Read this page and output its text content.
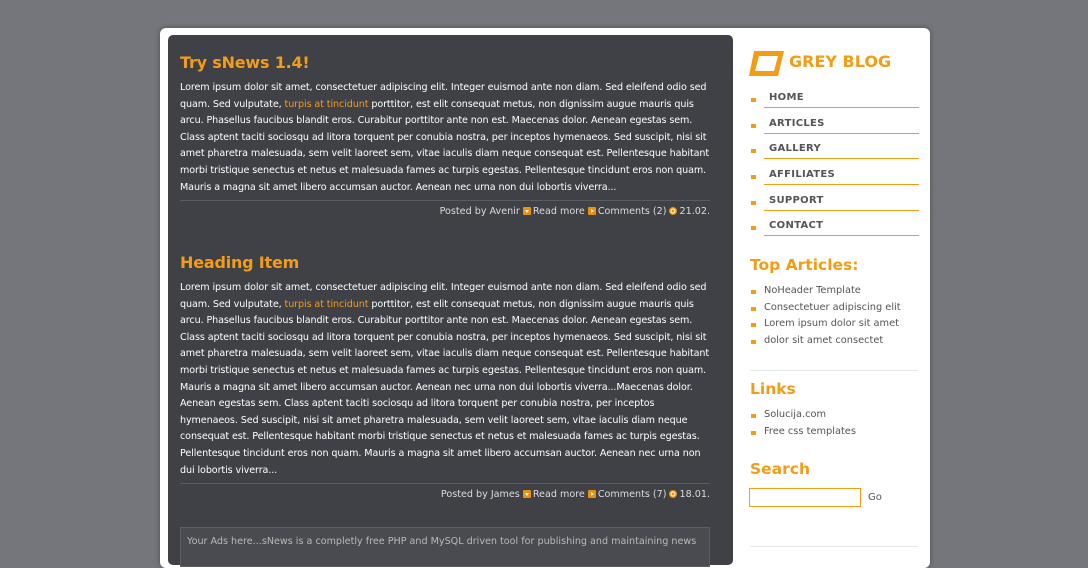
Try sNews 1.4!

Lorem ipsum dolor sit amet, consectetuer adipiscing elit. Integer euismod ante non diam. Sed eleifend odio sed quam. Sed vulputate, turpis at tincidunt porttitor, est elit consequat metus, non dignissim augue mauris quis arcu. Phasellus faucibus blandit eros. Curabitur porttitor ante non est. Maecenas dolor. Aenean egestas sem. Class aptent taciti sociosqu ad litora torquent per conubia nostra, per inceptos hymenaeos. Sed suscipit, nisi sit amet pharetra malesuada, sem velit laoreet sem, vitae iaculis diam neque consequat est. Pellentesque habitant morbi tristique senectus et netus et malesuada fames ac turpis egestas. Pellentesque tincidunt eros non quam. Mauris a magna sit amet libero accumsan auctor. Aenean nec urna non dui lobortis viverra...

Posted by Avenir Read more Comments (2) 21.02.
Heading Item

Lorem ipsum dolor sit amet, consectetuer adipiscing elit. Integer euismod ante non diam. Sed eleifend odio sed quam. Sed vulputate, turpis at tincidunt porttitor, est elit consequat metus, non dignissim augue mauris quis arcu. Phasellus faucibus blandit eros. Curabitur porttitor ante non est. Maecenas dolor. Aenean egestas sem. Class aptent taciti sociosqu ad litora torquent per conubia nostra, per inceptos hymenaeos. Sed suscipit, nisi sit amet pharetra malesuada, sem velit laoreet sem, vitae iaculis diam neque consequat est. Pellentesque habitant morbi tristique senectus et netus et malesuada fames ac turpis egestas. Pellentesque tincidunt eros non quam. Mauris a magna sit amet libero accumsan auctor. Aenean nec urna non dui lobortis viverra...Maecenas dolor. Aenean egestas sem. Class aptent taciti sociosqu ad litora torquent per conubia nostra, per inceptos hymenaeos. Sed suscipit, nisi sit amet pharetra malesuada, sem velit laoreet sem, vitae iaculis diam neque consequat est. Pellentesque habitant morbi tristique senectus et netus et malesuada fames ac turpis egestas. Pellentesque tincidunt eros non quam. Mauris a magna sit amet libero accumsan auctor. Aenean nec urna non dui lobortis viverra...

Posted by James Read more Comments (7) 18.01.
Your Ads here...sNews is a completly free PHP and MySQL driven tool for publishing and maintaining news
GREY BLOG
HOME
ARTICLES
GALLERY
AFFILIATES
SUPPORT
CONTACT
Top Articles:
NoHeader Template
Consectetuer adipiscing elit
Lorem ipsum dolor sit amet
dolor sit amet consectet
Links
Solucija.com
Free css templates
Search
Go
